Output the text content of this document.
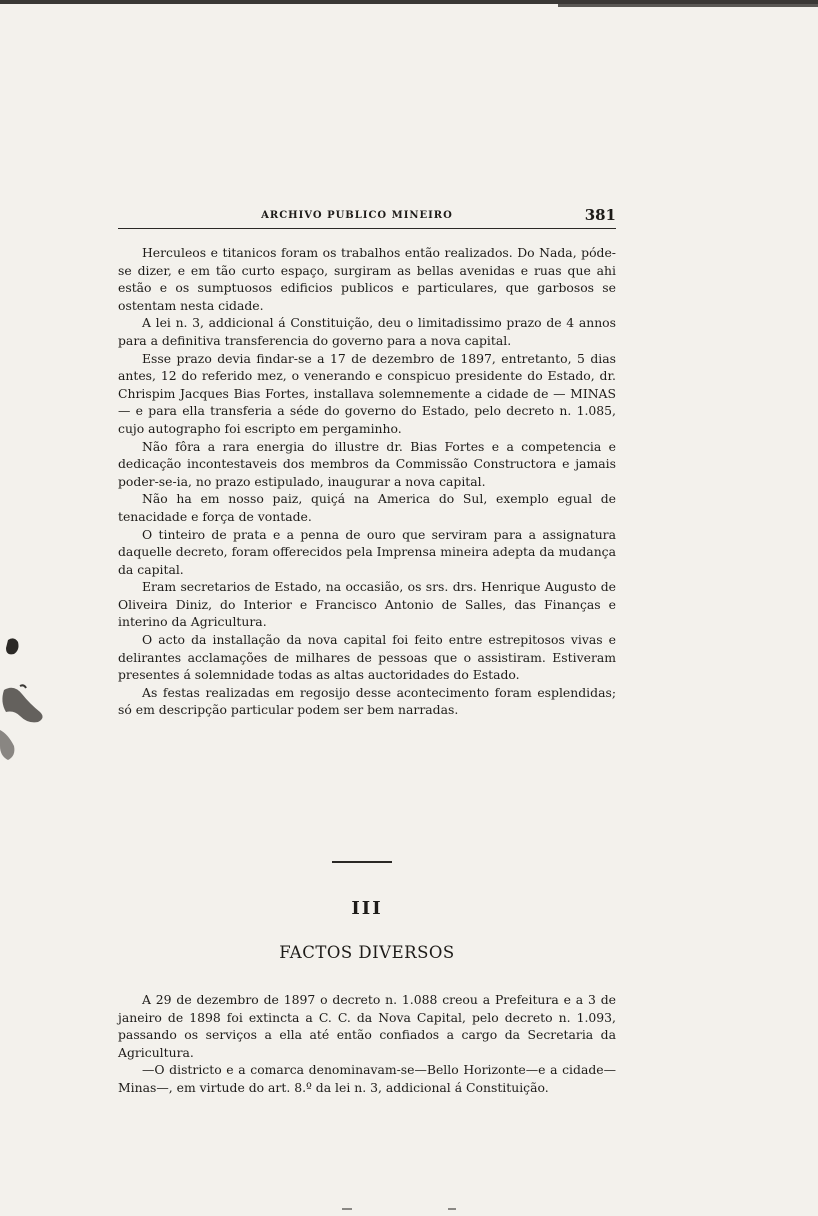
ARCHIVO PUBLICO MINEIRO	381

Herculeos e titanicos foram os trabalhos então realizados. Do Nada, póde-se dizer, e em tão curto espaço, surgiram as bellas avenidas e ruas que ahi estão e os sumptuosos edificios publicos e particulares, que garbosos se ostentam nesta cidade.

A lei n. 3, addicional á Constituição, deu o limitadissimo prazo de 4 annos para a definitiva transferencia do governo para a nova capital.

Esse prazo devia findar-se a 17 de dezembro de 1897, entretanto, 5 dias antes, 12 do referido mez, o venerando e conspicuo presidente do Estado, dr. Chrispim Jacques Bias Fortes, installava solemnemente a cidade de — MINAS — e para ella transferia a séde do governo do Estado, pelo decreto n. 1.085, cujo autographo foi escripto em pergaminho.

Não fôra a rara energia do illustre dr. Bias Fortes e a competencia e dedicação incontestaveis dos membros da Commissão Constructora e jamais poder-se-ia, no prazo estipulado, inaugurar a nova capital.

Não ha em nosso paiz, quiçá na America do Sul, exemplo egual de tenacidade e força de vontade.

O tinteiro de prata e a penna de ouro que serviram para a assignatura daquelle decreto, foram offerecidos pela Imprensa mineira adepta da mudança da capital.

Eram secretarios de Estado, na occasião, os srs. drs. Henrique Augusto de Oliveira Diniz, do Interior e Francisco Antonio de Salles, das Finanças e interino da Agricultura.

O acto da installação da nova capital foi feito entre estrepitosos vivas e delirantes acclamações de milhares de pessoas que o assistiram. Estiveram presentes á solemnidade todas as altas auctoridades do Estado.

As festas realizadas em regosijo desse acontecimento foram esplendidas; só em descripção particular podem ser bem narradas.

III
FACTOS DIVERSOS

A 29 de dezembro de 1897 o decreto n. 1.088 creou a Prefeitura e a 3 de janeiro de 1898 foi extincta a C. C. da Nova Capital, pelo decreto n. 1.093, passando os serviços a ella até então confiados a cargo da Secretaria da Agricultura.

—O districto e a comarca denominavam-se—Bello Horizonte—e a cidade—Minas—, em virtude do art. 8.º da lei n. 3, addicional á Constituição.
